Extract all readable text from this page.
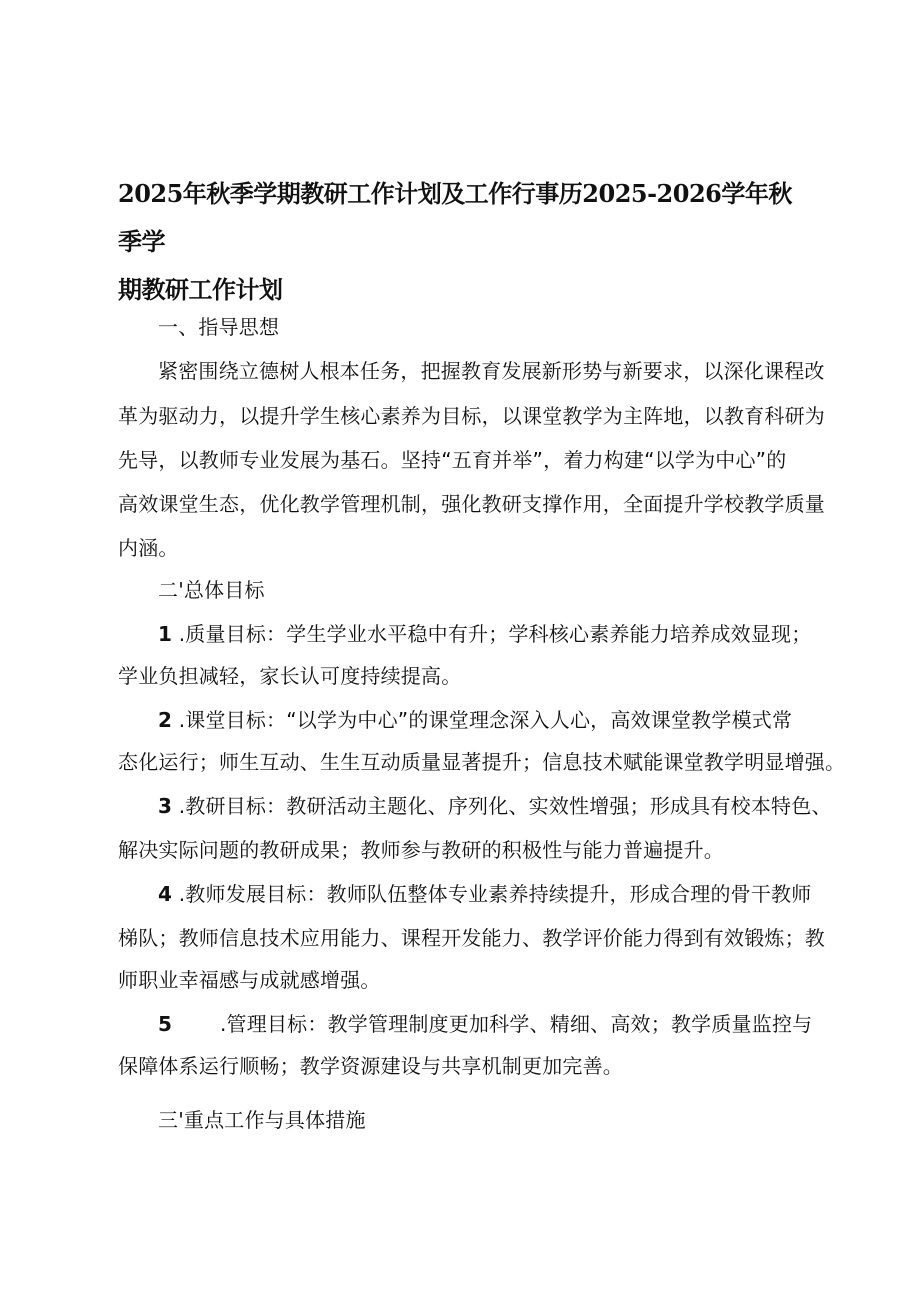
2025年秋季学期教研工作计划及工作行事历2025-2026学年秋季学
期教研工作计划
一、指导思想
紧密围绕立德树人根本任务，把握教育发展新形势与新要求，以深化课程改
革为驱动力，以提升学生核心素养为目标，以课堂教学为主阵地，以教育科研为
先导，以教师专业发展为基石。坚持“五育并举”，着力构建“以学为中心”的
高效课堂生态，优化教学管理机制，强化教研支撑作用，全面提升学校教学质量
内涵。
二'总体目标
1 .质量目标：学生学业水平稳中有升；学科核心素养能力培养成效显现；
学业负担减轻，家长认可度持续提高。
2 .课堂目标：“以学为中心”的课堂理念深入人心，高效课堂教学模式常
态化运行；师生互动、生生互动质量显著提升；信息技术赋能课堂教学明显增强。
3 .教研目标：教研活动主题化、序列化、实效性增强；形成具有校本特色、
解决实际问题的教研成果；教师参与教研的积极性与能力普遍提升。
4 .教师发展目标：教师队伍整体专业素养持续提升，形成合理的骨干教师
梯队；教师信息技术应用能力、课程开发能力、教学评价能力得到有效锻炼；教
师职业幸福感与成就感增强。
5 .管理目标：教学管理制度更加科学、精细、高效；教学质量监控与
保障体系运行顺畅；教学资源建设与共享机制更加完善。
三'重点工作与具体措施
